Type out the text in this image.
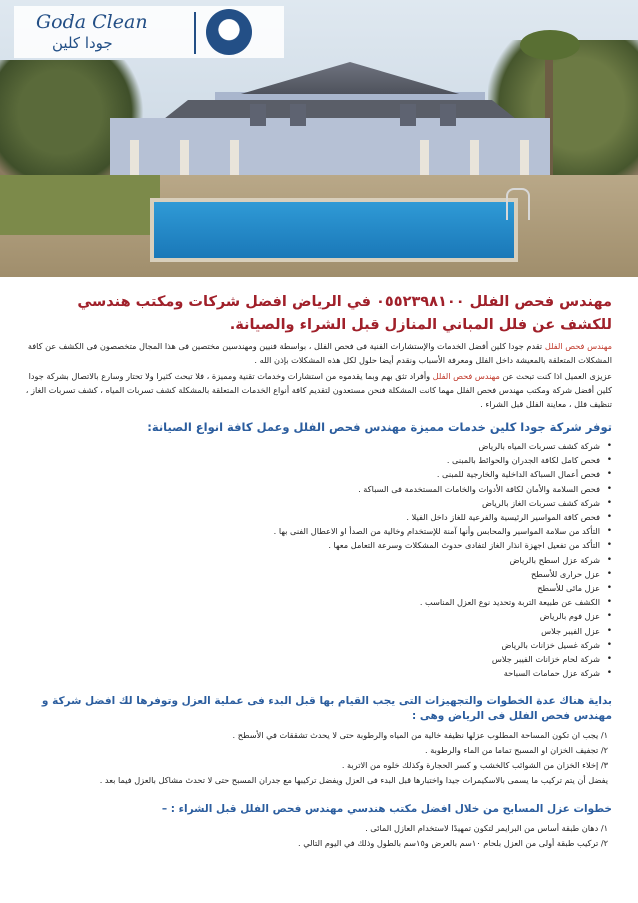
Goda Clean
جودا كلين
مهندس فحص الفلل ٠٥٥٢٣٩٨١٠٠ في الرياض افضل شركات ومكتب هندسي للكشف عن فلل المباني المنازل قبل الشراء والصيانة.

مهندس فحص الفلل تقدم جودا كلين أفضل الخدمات والإستشارات الفنية فى فحص الفلل ، بواسطة فنيين ومهندسين مختصين فى هذا المجال متخصصون فى الكشف عن كافة المشكلات المتعلقة بالمعيشة داخل الفلل ومعرفة الأسباب ونقدم أيضا حلول لكل هذه المشكلات بإذن الله .

عزيزى العميل اذا كنت تبحث عن مهندس فحص الفلل وأفراد تثق بهم وبما يقدموه من استشارات وخدمات تقنية ومميزة ، فلا تبحث كثيرا ولا تحتار وسارع بالاتصال بشركة جودا كلين أفضل شركة ومكتب مهندس فحص الفلل مهما كانت المشكلة فنحن مستعدون لتقديم كافة أنواع الخدمات المتعلقة بالمشكلة كشف تسربات المياه ، كشف تسربات الغاز ، تنظيف فلل ، معاينة الفلل قبل الشراء .

توفر شركة جودا كلين خدمات مميزة مهندس فحص الفلل وعمل كافة انواع الصيانة:
• شركة كشف تسربات المياه بالرياض
• فحص كامل لكافة الجدران والحوائط بالمبنى .
• فحص أعمال السباكة الداخلية والخارجية للمبنى .
• فحص السلامة والأمان لكافة الأدوات والخامات المستخدمة فى السباكة .
• شركة كشف تسربات الغاز بالرياض
• فحص كافة المواسير الرئيسية والفرعية للغاز داخل الفيلا .
• التأكد من سلامة المواسير والمحابس وأنها آمنة للإستخدام وخالية من الصدأ او الاعطال الفنى بها .
• التأكد من تفعيل اجهزة انذار الغاز لتفادى حدوث المشكلات وسرعة التعامل معها .
• شركة عزل اسطح بالرياض
• عزل حرارى للأسطح
• عزل مائى للأسطح
• الكشف عن طبيعة التربة وتحديد نوع العزل المناسب .
• عزل فوم بالرياض
• عزل الفيبر جلاس
• شركة غسيل خزانات بالرياض
• شركة لحام خزانات الفيبر جلاس
• شركة عزل حمامات السباحة
بداية هناك عدة الخطوات والتجهيزات التى يجب القيام بها قبل البدء فى عملية العزل وتوفرها لك افضل شركة و مهندس فحص الفلل فى الرياض وهى :

١/ يجب ان تكون المساحة المطلوب عزلها نظيفة خالية من المياه والرطوبة حتى لا يحدث تشققات في الأسطح .

٢/ تجفيف الخزان او المسبح تماما من الماء والرطوبة .

٣/ إخلاء الخزان من الشوائب كالخشب و كسر الحجارة وكذلك خلوه من الاتربة .

يفضل أن يتم تركيب ما يسمى بالاسكيمرات جيدا واختبارها قبل البدء فى العزل ويفضل تركيبها مع جدران المسبح حتى لا تحدث مشاكل بالعزل فيما بعد .

خطوات عزل المسابح من خلال افضل مكتب هندسي مهندس فحص الفلل قبل الشراء : –

١/ دهان طبقة أساس من البرايمر لتكون تمهيدًا لاستخدام العازل المائى .

٢/ تركيب طبقة أولى من العزل بلحام ١٠سم بالعرض و١٥سم بالطول وذلك في اليوم التالي .
